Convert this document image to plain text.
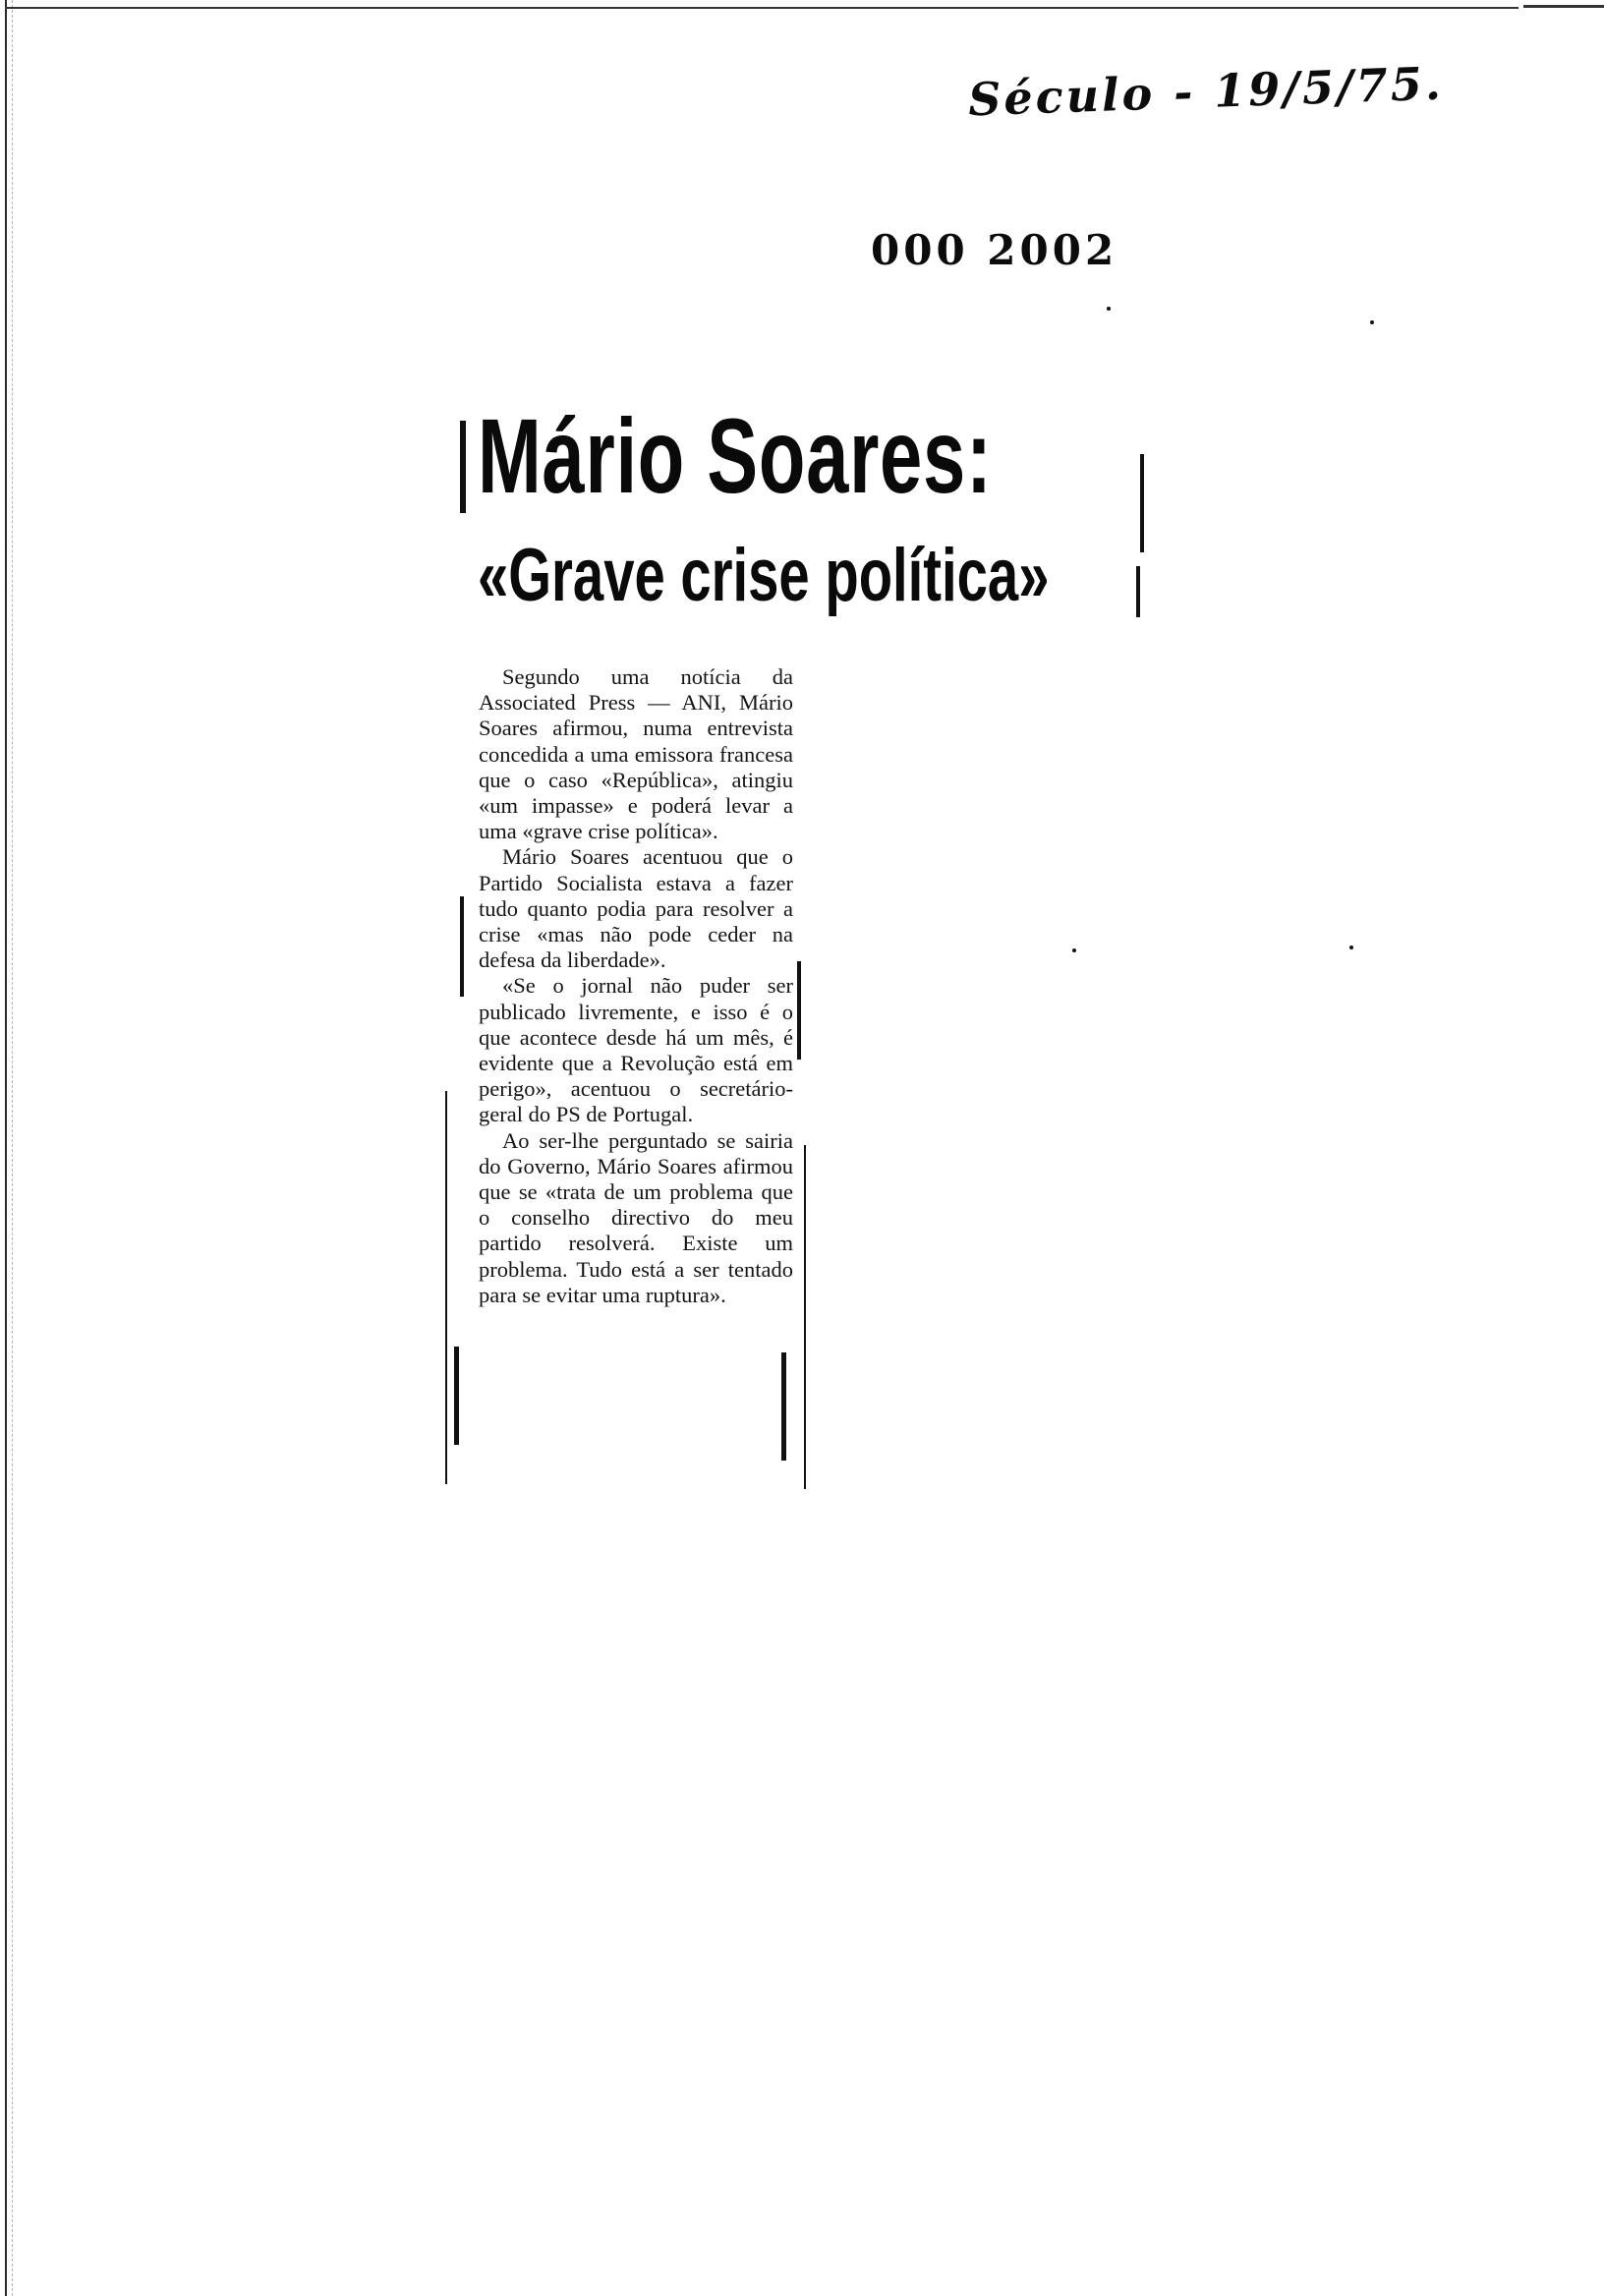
Século - 19/5/75.
000 2002
Mário Soares:
«Grave crise política»

Segundo uma notícia da Associated Press — ANI, Mário Soares afirmou, numa entrevista concedida a uma emissora francesa que o caso «República», atingiu «um impasse» e poderá levar a uma «grave crise política».

Mário Soares acentuou que o Partido Socialista estava a fazer tudo quanto podia para resolver a crise «mas não pode ceder na defesa da liberdade».

«Se o jornal não puder ser publicado livremente, e isso é o que acontece desde há um mês, é evidente que a Revolução está em perigo», acentuou o secretário-geral do PS de Portugal.

Ao ser-lhe perguntado se sairia do Governo, Mário Soares afirmou que se «trata de um problema que o conselho directivo do meu partido resolverá. Existe um problema. Tudo está a ser tentado para se evitar uma ruptura».
